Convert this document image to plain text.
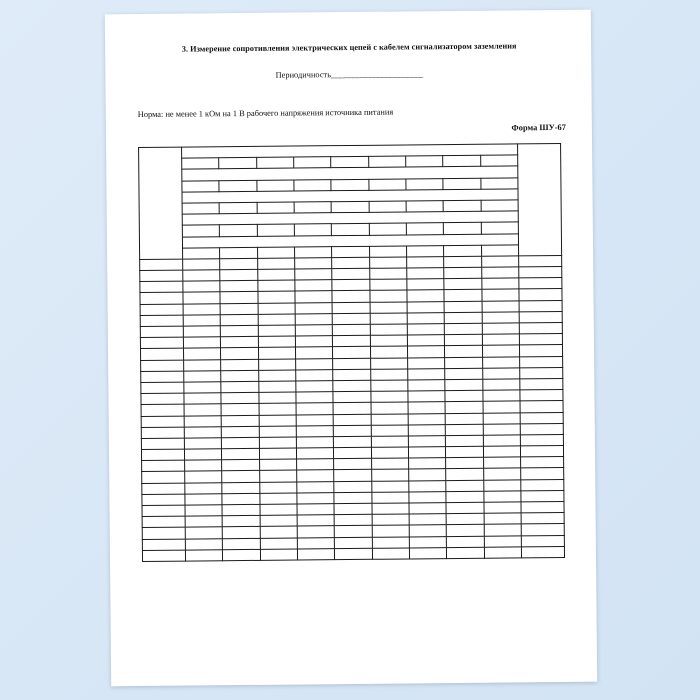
3. Измерение сопротивления электрических цепей с кабелем сигнализатором заземления
Периодичность______________________
Норма: не менее 1 кОм на 1 В рабочего напряжения источника питания
Форма ШУ-67
